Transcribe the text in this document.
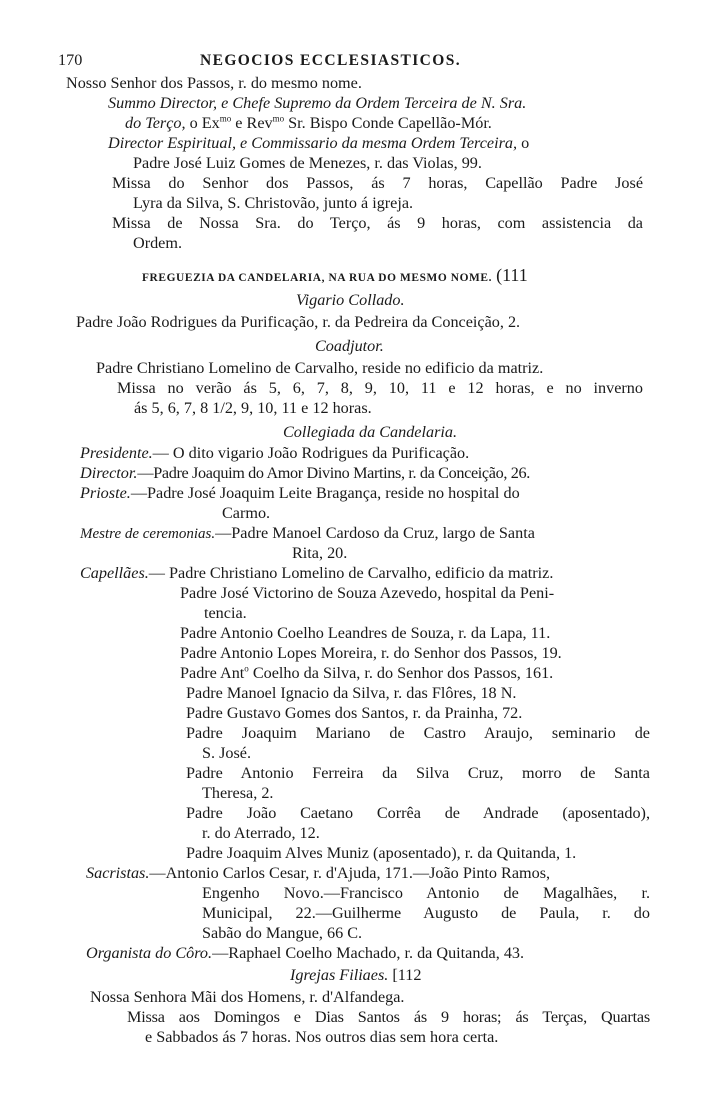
170	NEGOCIOS ECCLESIASTICOS.
Nosso Senhor dos Passos, r. do mesmo nome.
Summo Director, e Chefe Supremo da Ordem Terceira de N. Sra.
do Terço, o $Ex^{mo}$ e Rev$^{mo}$ Sr. Bispo Conde Capellão-Mór.
Director Espiritual, e Commissario da mesma Ordem Terceira, o
Padre José Luiz Gomes de Menezes, r. das Violas, 99.
Missa do Senhor dos Passos, ás 7 horas, Capellão Padre José
Lyra da Silva, S. Christovão, junto á igreja.
Missa de Nossa Sra. do Terço, ás 9 horas, com assistencia da
Ordem.
FREGUEZIA DA CANDELARIA, NA RUA DO MESMO NOME. (111
Vigario Collado.
Padre João Rodrigues da Purificação, r. da Pedreira da Conceição, 2.
Coadjutor.
Padre Christiano Lomelino de Carvalho, reside no edificio da matriz.
Missa no verão ás 5, 6, 7, 8, 9, 10, 11 e 12 horas, e no inverno
ás 5, 6, 7, 8 1/2, 9, 10, 11 e 12 horas.
Collegiada da Candelaria.
Presidente.— O dito vigario João Rodrigues da Purificação.
Director.—Padre Joaquim do Amor Divino Martins, r. da Conceição, 26.
Prioste.—Padre José Joaquim Leite Bragança, reside no hospital do
Carmo.
Mestre de ceremonias.—Padre Manoel Cardoso da Cruz, largo de Santa
Rita, 20.
Capellães.— Padre Christiano Lomelino de Carvalho, edificio da matriz.
Padre José Victorino de Souza Azevedo, hospital da Peni-
tencia.
Padre Antonio Coelho Leandres de Souza, r. da Lapa, 11.
Padre Antonio Lopes Moreira, r. do Senhor dos Passos, 19.
Padre Ant$^o$ Coelho da Silva, r. do Senhor dos Passos, 161.
Padre Manoel Ignacio da Silva, r. das Flôres, 18 N.
Padre Gustavo Gomes dos Santos, r. da Prainha, 72.
Padre Joaquim Mariano de Castro Araujo, seminario de
S. José.
Padre Antonio Ferreira da Silva Cruz, morro de Santa
Theresa, 2.
Padre João Caetano Corrêa de Andrade (aposentado),
r. do Aterrado, 12.
Padre Joaquim Alves Muniz (aposentado), r. da Quitanda, 1.
Sacristas.—Antonio Carlos Cesar, r. d'Ajuda, 171.—João Pinto Ramos,
Engenho Novo.—Francisco Antonio de Magalhães, r.
Municipal, 22.—Guilherme Augusto de Paula, r. do
Sabão do Mangue, 66 C.
Organista do Côro.—Raphael Coelho Machado, r. da Quitanda, 43.
Igrejas Filiaes. [112
Nossa Senhora Mãi dos Homens, r. d'Alfandega.
Missa aos Domingos e Dias Santos ás 9 horas; ás Terças, Quartas
e Sabbados ás 7 horas. Nos outros dias sem hora certa.
